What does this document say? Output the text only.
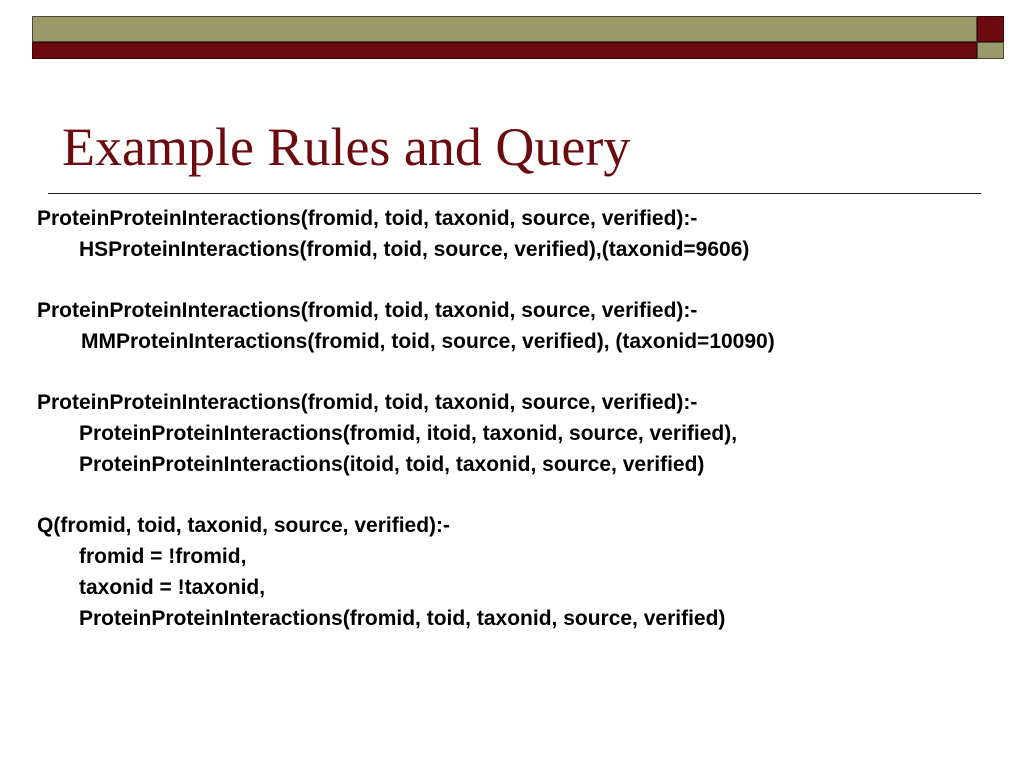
Example Rules and Query
ProteinProteinInteractions(fromid, toid, taxonid, source, verified):-
HSProteinInteractions(fromid, toid, source, verified),(taxonid=9606)
ProteinProteinInteractions(fromid, toid, taxonid, source, verified):-
MMProteinInteractions(fromid, toid, source, verified), (taxonid=10090)
ProteinProteinInteractions(fromid, toid, taxonid, source, verified):-
ProteinProteinInteractions(fromid, itoid, taxonid, source, verified),
ProteinProteinInteractions(itoid, toid, taxonid, source, verified)
Q(fromid, toid, taxonid, source, verified):-
fromid = !fromid,
taxonid = !taxonid,
ProteinProteinInteractions(fromid, toid, taxonid, source, verified)
